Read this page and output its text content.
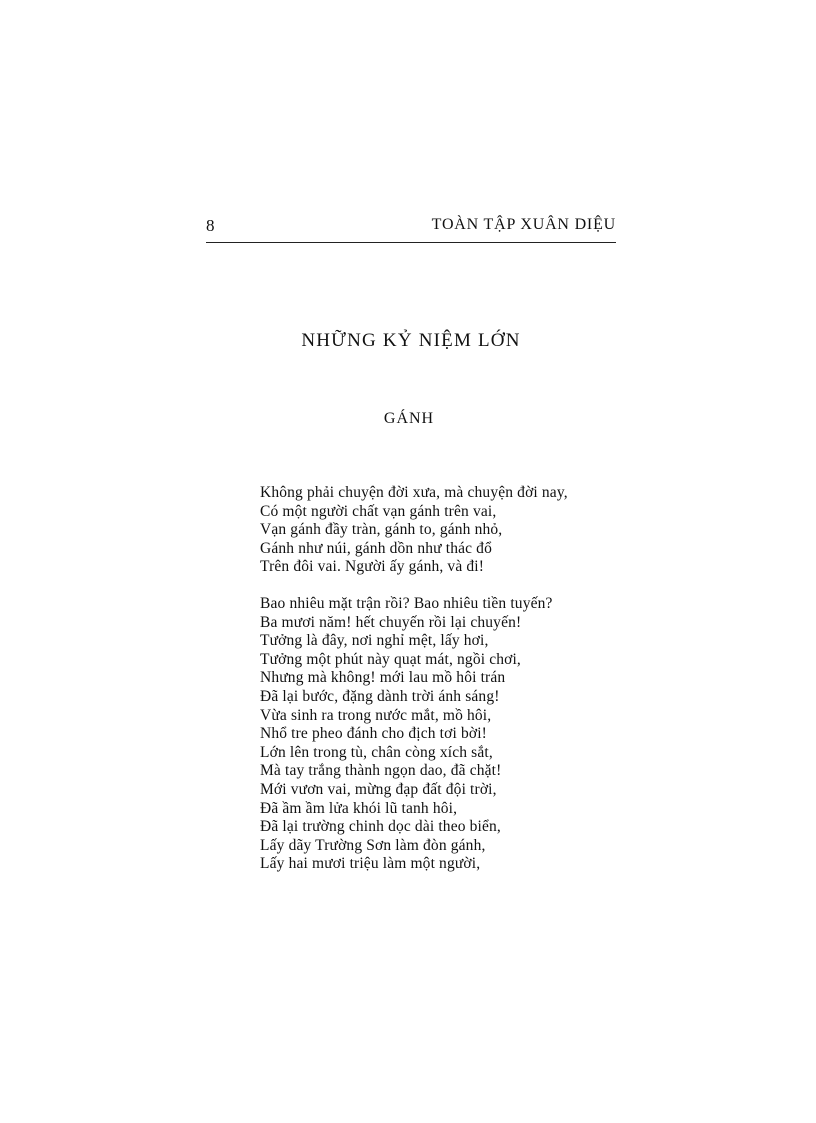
8	TOÀN TẬP XUÂN DIỆU
NHỮNG KỶ NIỆM LỚN
GÁNH
Không phải chuyện đời xưa, mà chuyện đời nay,
Có một người chất vạn gánh trên vai,
Vạn gánh đầy tràn, gánh to, gánh nhỏ,
Gánh như núi, gánh dồn như thác đổ
Trên đôi vai. Người ấy gánh, và đi!
Bao nhiêu mặt trận rồi? Bao nhiêu tiền tuyến?
Ba mươi năm! hết chuyến rồi lại chuyến!
Tưởng là đây, nơi nghỉ mệt, lấy hơi,
Tưởng một phút này quạt mát, ngồi chơi,
Nhưng mà không! mới lau mồ hôi trán
Đã lại bước, đặng dành trời ánh sáng!
Vừa sinh ra trong nước mắt, mồ hôi,
Nhổ tre pheo đánh cho địch tơi bời!
Lớn lên trong tù, chân còng xích sắt,
Mà tay trắng thành ngọn dao, đã chặt!
Mới vươn vai, mừng đạp đất đội trời,
Đã ầm ầm lửa khói lũ tanh hôi,
Đã lại trường chinh dọc dài theo biển,
Lấy dãy Trường Sơn làm đòn gánh,
Lấy hai mươi triệu làm một người,
